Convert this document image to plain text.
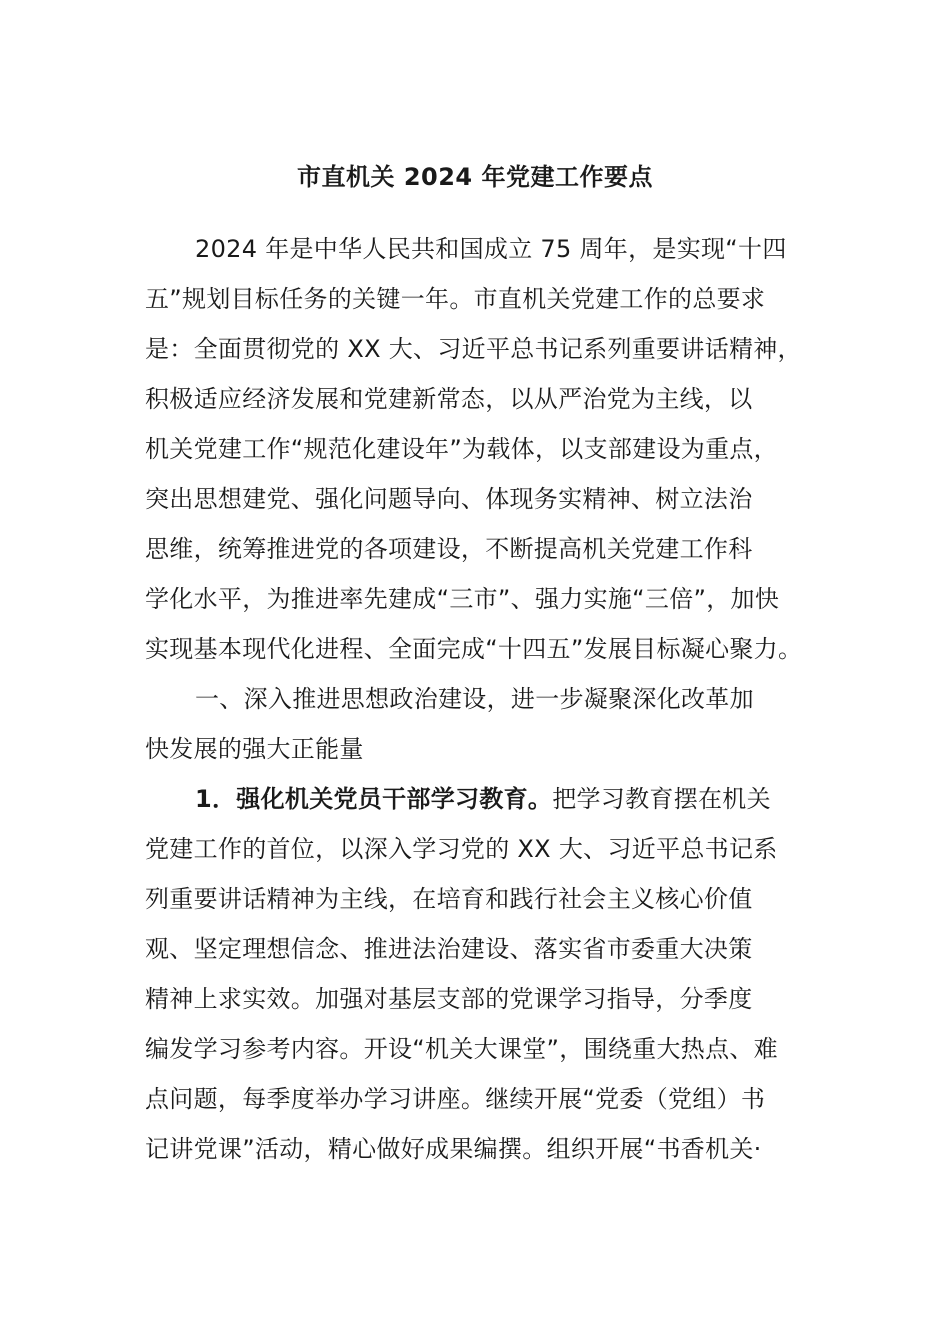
市直机关 2024 年党建工作要点
2024 年是中华人民共和国成立 75 周年，是实现“十四
五”规划目标任务的关键一年。市直机关党建工作的总要求
是：全面贯彻党的 XX 大、习近平总书记系列重要讲话精神，
积极适应经济发展和党建新常态，以从严治党为主线，以
机关党建工作“规范化建设年”为载体，以支部建设为重点，
突出思想建党、强化问题导向、体现务实精神、树立法治
思维，统筹推进党的各项建设，不断提高机关党建工作科
学化水平，为推进率先建成“三市”、强力实施“三倍”，加快
实现基本现代化进程、全面完成“十四五”发展目标凝心聚力。
一、深入推进思想政治建设，进一步凝聚深化改革加
快发展的强大正能量
1．强化机关党员干部学习教育。把学习教育摆在机关
党建工作的首位，以深入学习党的 XX 大、习近平总书记系
列重要讲话精神为主线，在培育和践行社会主义核心价值
观、坚定理想信念、推进法治建设、落实省市委重大决策
精神上求实效。加强对基层支部的党课学习指导，分季度
编发学习参考内容。开设“机关大课堂”，围绕重大热点、难
点问题，每季度举办学习讲座。继续开展“党委（党组）书
记讲党课”活动，精心做好成果编撰。组织开展“书香机关·
